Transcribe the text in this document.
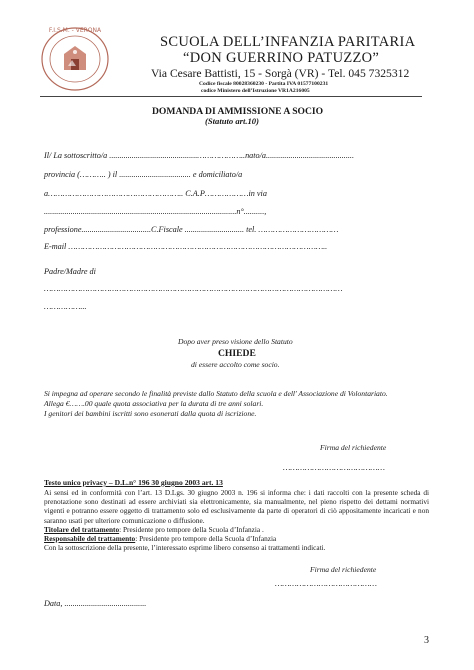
F.I.S.M. - VERONA
SCUOLA DELL’INFANZIA PARITARIA
“DON GUERRINO PATUZZO”
Via Cesare Battisti, 15 - Sorgà (VR) - Tel. 045 7325312
Codice fiscale 80028360230 - Partita IVA 01577100231
codice Ministero dell’Istruzione VR1A216005
DOMANDA DI AMMISSIONE A SOCIO
(Statuto art.10)
Il/ La sottoscritto/a ...........................................………………..nato/a...........................................
provincia (……….. ) il ................................... e domiciliato/a
a……………………………………………….. C.A.P………………in via
..............................................................................................n°..........,
professione..................................C.Fiscale ............................. tel. ……………………………
E-mail ……………………………………………………………………………………………..
Padre/Madre di
……………………………………………………………………………………………………………
……………...
Dopo aver preso visione dello Statuto
CHIEDE
di essere accolto come socio.
Si impegna ad operare secondo le finalità previste dallo Statuto della scuola e dell' Associazione di Volontariato.
Allega €…….00 quale quota associativa per la durata di tre anni solari.
I genitori dei bambini iscritti sono esonerati dalla quota di iscrizione.
Firma del richiedente
……………………………………
Testo unico privacy – D.L.n° 196 30 giugno 2003 art. 13
Ai sensi ed in conformità con l’art. 13 D.Lgs. 30 giugno 2003 n. 196 si informa che: i dati raccolti con la presente scheda di prenotazione sono destinati ad essere archiviati sia elettronicamente, sia manualmente, nel pieno rispetto dei dettami normativi vigenti e potranno essere oggetto di trattamento solo ed esclusivamente da parte di operatori di ciò appositamente incaricati e non saranno usati per ulteriore comunicazione o diffusione.
Titolare del trattamento: Presidente pro tempore della Scuola d’Infanzia .
Responsabile del trattamento: Presidente pro tempore della Scuola d’Infanzia
Con la sottoscrizione della presente, l’interessato esprime libero consenso ai trattamenti indicati.
Firma del richiedente
……………………………………
Data, ........................................
3
